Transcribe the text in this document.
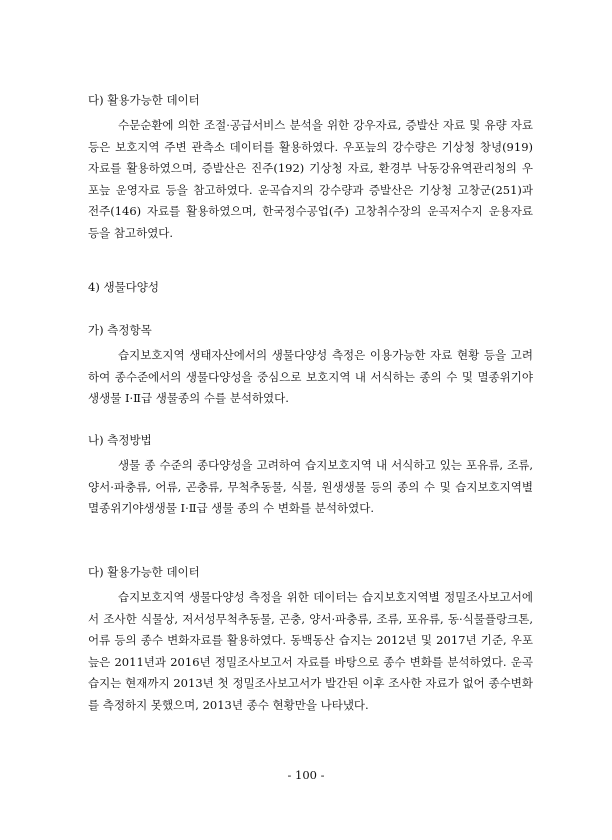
다) 활용가능한 데이터

수문순환에 의한 조절·공급서비스 분석을 위한 강우자료, 증발산 자료 및 유량 자료 등은 보호지역 주변 관측소 데이터를 활용하였다. 우포늪의 강수량은 기상청 창녕(919) 자료를 활용하였으며, 증발산은 진주(192) 기상청 자료, 환경부 낙동강유역관리청의 우포늪 운영자료 등을 참고하였다. 운곡습지의 강수량과 증발산은 기상청 고창군(251)과 전주(146) 자료를 활용하였으며, 한국정수공업(주) 고창취수장의 운곡저수지 운용자료 등을 참고하였다.

4) 생물다양성
가) 측정항목

습지보호지역 생태자산에서의 생물다양성 측정은 이용가능한 자료 현황 등을 고려하여 종수준에서의 생물다양성을 중심으로 보호지역 내 서식하는 종의 수 및 멸종위기야생생물 Ⅰ·Ⅱ급 생물종의 수를 분석하였다.

나) 측정방법

생물 종 수준의 종다양성을 고려하여 습지보호지역 내 서식하고 있는 포유류, 조류, 양서·파충류, 어류, 곤충류, 무척추동물, 식물, 원생생물 등의 종의 수 및 습지보호지역별 멸종위기야생생물 Ⅰ·Ⅱ급 생물 종의 수 변화를 분석하였다.

다) 활용가능한 데이터

습지보호지역 생물다양성 측정을 위한 데이터는 습지보호지역별 정밀조사보고서에서 조사한 식물상, 저서성무척추동물, 곤충, 양서·파충류, 조류, 포유류, 동·식물플랑크톤, 어류 등의 종수 변화자료를 활용하였다. 동백동산 습지는 2012년 및 2017년 기준, 우포늪은 2011년과 2016년 정밀조사보고서 자료를 바탕으로 종수 변화를 분석하였다. 운곡습지는 현재까지 2013년 첫 정밀조사보고서가 발간된 이후 조사한 자료가 없어 종수변화를 측정하지 못했으며, 2013년 종수 현황만을 나타냈다.

- 100 -
